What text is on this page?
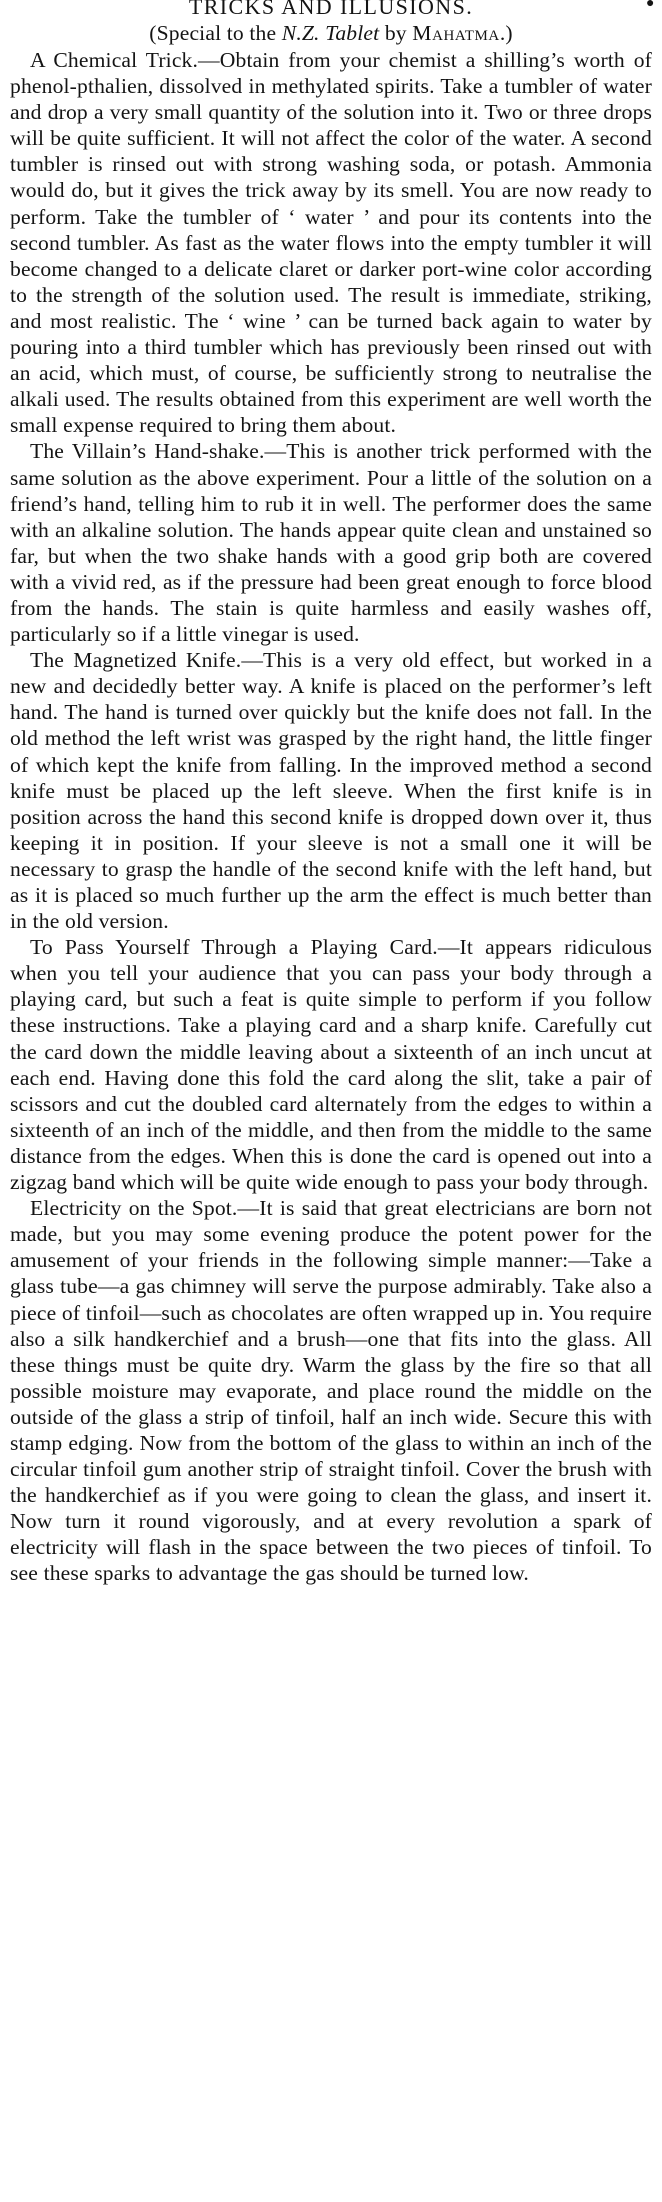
●
TRICKS AND ILLUSIONS.

(Special to the N.Z. Tablet by Mahatma.)

A Chemical Trick.—Obtain from your chemist a shilling’s worth of phenol-pthalien, dissolved in methylated spirits. Take a tumbler of water and drop a very small quantity of the solution into it. Two or three drops will be quite sufficient. It will not affect the color of the water. A second tumbler is rinsed out with strong washing soda, or potash. Ammonia would do, but it gives the trick away by its smell. You are now ready to perform. Take the tumbler of ‘ water ’ and pour its contents into the second tumbler. As fast as the water flows into the empty tumbler it will become changed to a delicate claret or darker port-wine color according to the strength of the solution used. The result is immediate, striking, and most realistic. The ‘ wine ’ can be turned back again to water by pouring into a third tumbler which has previously been rinsed out with an acid, which must, of course, be sufficiently strong to neutralise the alkali used. The results obtained from this experiment are well worth the small expense required to bring them about.

The Villain’s Hand-shake.—This is another trick performed with the same solution as the above experiment. Pour a little of the solution on a friend’s hand, telling him to rub it in well. The performer does the same with an alkaline solution. The hands appear quite clean and unstained so far, but when the two shake hands with a good grip both are covered with a vivid red, as if the pressure had been great enough to force blood from the hands. The stain is quite harmless and easily washes off, particularly so if a little vinegar is used.

The Magnetized Knife.—This is a very old effect, but worked in a new and decidedly better way. A knife is placed on the performer’s left hand. The hand is turned over quickly but the knife does not fall. In the old method the left wrist was grasped by the right hand, the little finger of which kept the knife from falling. In the improved method a second knife must be placed up the left sleeve. When the first knife is in position across the hand this second knife is dropped down over it, thus keeping it in position. If your sleeve is not a small one it will be necessary to grasp the handle of the second knife with the left hand, but as it is placed so much further up the arm the effect is much better than in the old version.

To Pass Yourself Through a Playing Card.—It appears ridiculous when you tell your audience that you can pass your body through a playing card, but such a feat is quite simple to perform if you follow these instructions. Take a playing card and a sharp knife. Carefully cut the card down the middle leaving about a sixteenth of an inch uncut at each end. Having done this fold the card along the slit, take a pair of scissors and cut the doubled card alternately from the edges to within a sixteenth of an inch of the middle, and then from the middle to the same distance from the edges. When this is done the card is opened out into a zigzag band which will be quite wide enough to pass your body through.

Electricity on the Spot.—It is said that great electricians are born not made, but you may some evening produce the potent power for the amusement of your friends in the following simple manner:—Take a glass tube—a gas chimney will serve the purpose admirably. Take also a piece of tinfoil—such as chocolates are often wrapped up in. You require also a silk handkerchief and a brush—one that fits into the glass. All these things must be quite dry. Warm the glass by the fire so that all possible moisture may evaporate, and place round the middle on the outside of the glass a strip of tinfoil, half an inch wide. Secure this with stamp edging. Now from the bottom of the glass to within an inch of the circular tinfoil gum another strip of straight tinfoil. Cover the brush with the handkerchief as if you were going to clean the glass, and insert it. Now turn it round vigorously, and at every revolution a spark of electricity will flash in the space between the two pieces of tinfoil. To see these sparks to advantage the gas should be turned low.
